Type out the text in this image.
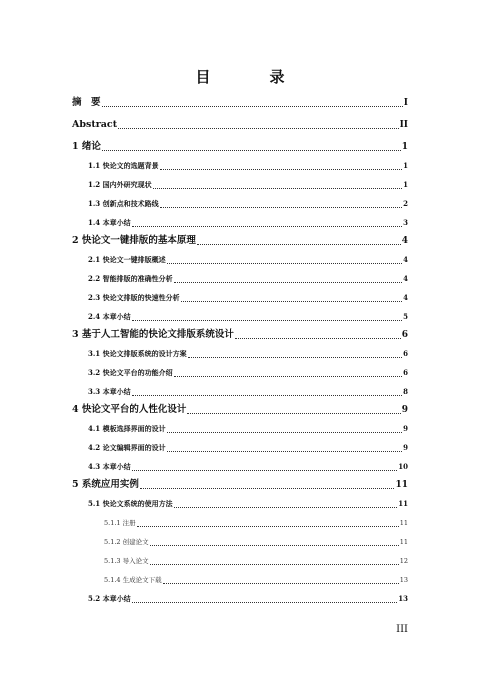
目　录
摘　要	I
Abstract	II
1 绪论	1
1.1 快论文的选题背景	1
1.2 国内外研究现状	1
1.3 创新点和技术路线	2
1.4 本章小结	3
2 快论文一键排版的基本原理	4
2.1 快论文一键排版概述	4
2.2 智能排版的准确性分析	4
2.3 快论文排版的快速性分析	4
2.4 本章小结	5
3 基于人工智能的快论文排版系统设计	6
3.1 快论文排版系统的设计方案	6
3.2 快论文平台的功能介绍	6
3.3 本章小结	8
4 快论文平台的人性化设计	9
4.1 模板选择界面的设计	9
4.2 论文编辑界面的设计	9
4.3 本章小结	10
5 系统应用实例	11
5.1 快论文系统的使用方法	11
5.1.1 注册	11
5.1.2 创建论文	11
5.1.3 导入论文	12
5.1.4 生成论文下载	13
5.2 本章小结	13
III
